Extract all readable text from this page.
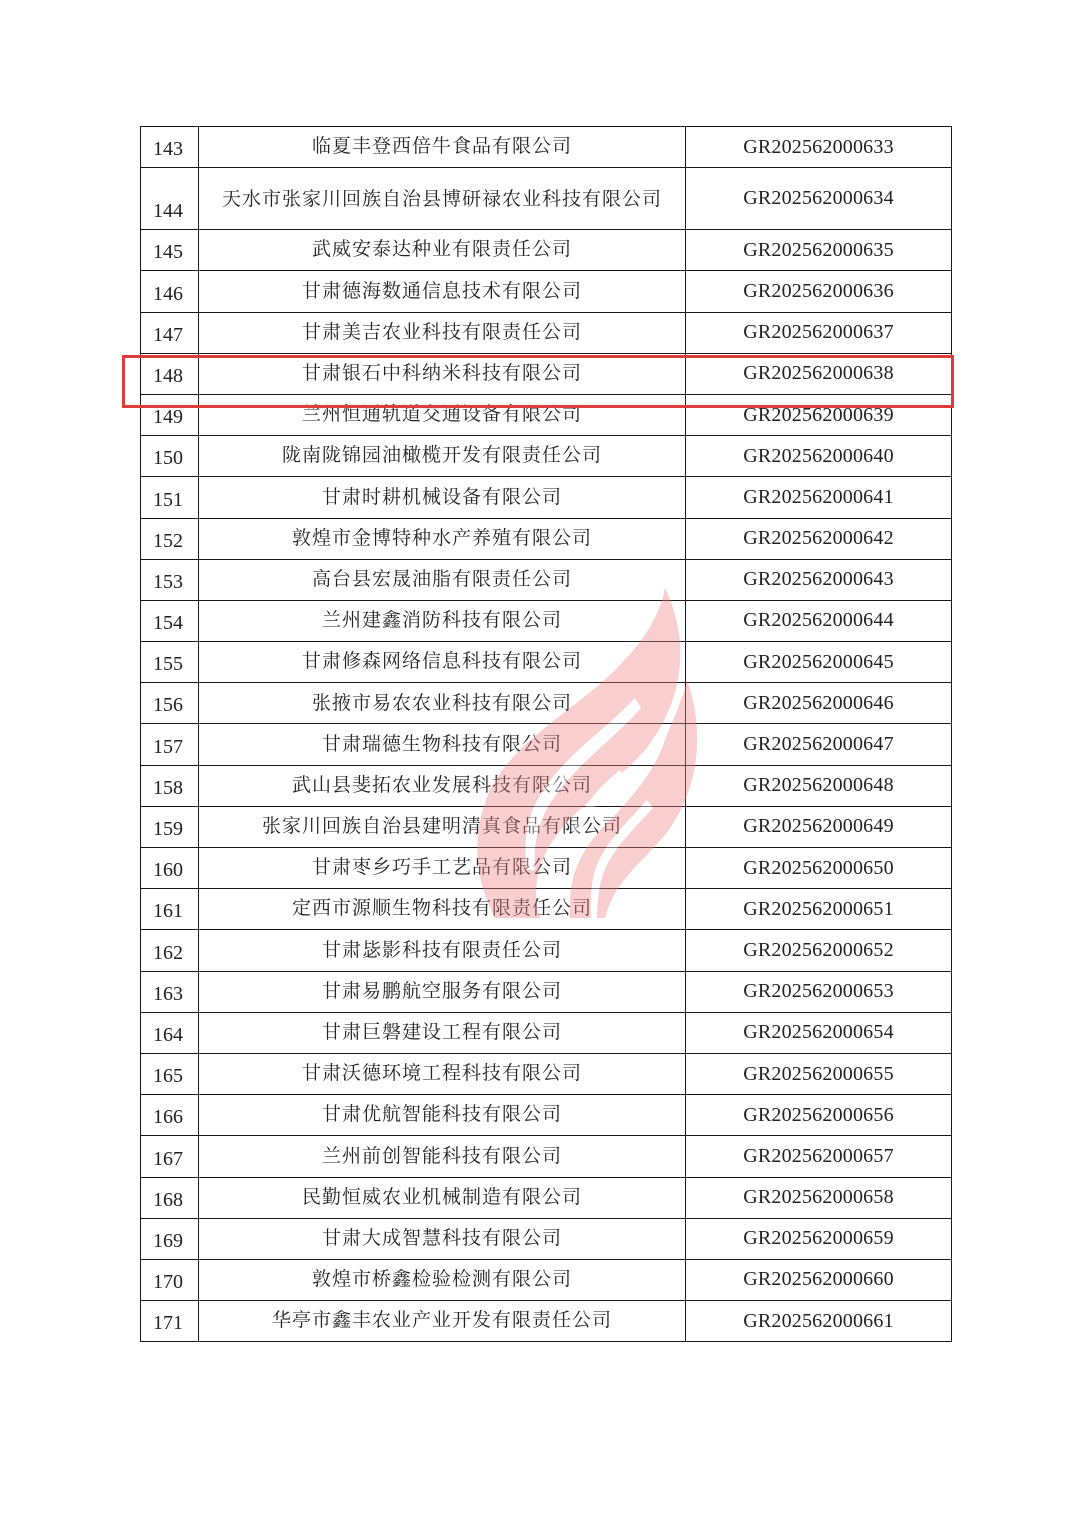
143	临夏丰登西倍牛食品有限公司	GR202562000633
144	天水市张家川回族自治县博研禄农业科技有限公司	GR202562000634
145	武威安泰达种业有限责任公司	GR202562000635
146	甘肃德海数通信息技术有限公司	GR202562000636
147	甘肃美吉农业科技有限责任公司	GR202562000637
148	甘肃银石中科纳米科技有限公司	GR202562000638
149	兰州恒通轨道交通设备有限公司	GR202562000639
150	陇南陇锦园油橄榄开发有限责任公司	GR202562000640
151	甘肃时耕机械设备有限公司	GR202562000641
152	敦煌市金博特种水产养殖有限公司	GR202562000642
153	高台县宏晟油脂有限责任公司	GR202562000643
154	兰州建鑫消防科技有限公司	GR202562000644
155	甘肃修森网络信息科技有限公司	GR202562000645
156	张掖市易农农业科技有限公司	GR202562000646
157	甘肃瑞德生物科技有限公司	GR202562000647
158	武山县斐拓农业发展科技有限公司	GR202562000648
159	张家川回族自治县建明清真食品有限公司	GR202562000649
160	甘肃枣乡巧手工艺品有限公司	GR202562000650
161	定西市源顺生物科技有限责任公司	GR202562000651
162	甘肃毖影科技有限责任公司	GR202562000652
163	甘肃易鹏航空服务有限公司	GR202562000653
164	甘肃巨磐建设工程有限公司	GR202562000654
165	甘肃沃德环境工程科技有限公司	GR202562000655
166	甘肃优航智能科技有限公司	GR202562000656
167	兰州前创智能科技有限公司	GR202562000657
168	民勤恒威农业机械制造有限公司	GR202562000658
169	甘肃大成智慧科技有限公司	GR202562000659
170	敦煌市桥鑫检验检测有限公司	GR202562000660
171	华亭市鑫丰农业产业开发有限责任公司	GR202562000661
